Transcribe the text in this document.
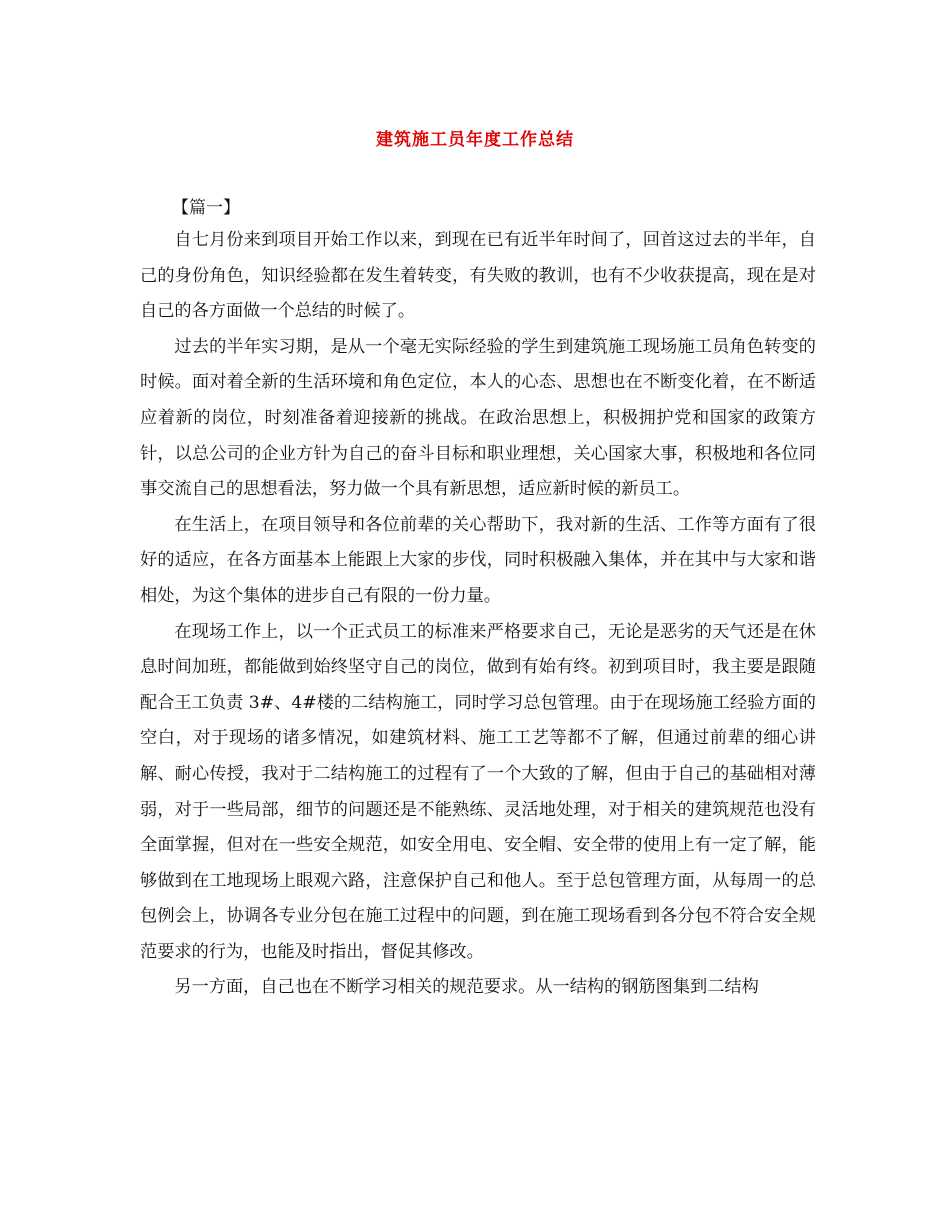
建筑施工员年度工作总结
【篇一】

自七月份来到项目开始工作以来，到现在已有近半年时间了，回首这过去的半年，自己的身份角色，知识经验都在发生着转变，有失败的教训，也有不少收获提高，现在是对自己的各方面做一个总结的时候了。

过去的半年实习期，是从一个毫无实际经验的学生到建筑施工现场施工员角色转变的时候。面对着全新的生活环境和角色定位，本人的心态、思想也在不断变化着，在不断适应着新的岗位，时刻准备着迎接新的挑战。在政治思想上，积极拥护党和国家的政策方针，以总公司的企业方针为自己的奋斗目标和职业理想，关心国家大事，积极地和各位同事交流自己的思想看法，努力做一个具有新思想，适应新时候的新员工。

在生活上，在项目领导和各位前辈的关心帮助下，我对新的生活、工作等方面有了很好的适应，在各方面基本上能跟上大家的步伐，同时积极融入集体，并在其中与大家和谐相处，为这个集体的进步自己有限的一份力量。

在现场工作上，以一个正式员工的标准来严格要求自己，无论是恶劣的天气还是在休息时间加班，都能做到始终坚守自己的岗位，做到有始有终。初到项目时，我主要是跟随配合王工负责 3#、4#楼的二结构施工，同时学习总包管理。由于在现场施工经验方面的空白，对于现场的诸多情况，如建筑材料、施工工艺等都不了解，但通过前辈的细心讲解、耐心传授，我对于二结构施工的过程有了一个大致的了解，但由于自己的基础相对薄弱，对于一些局部，细节的问题还是不能熟练、灵活地处理，对于相关的建筑规范也没有全面掌握，但对在一些安全规范，如安全用电、安全帽、安全带的使用上有一定了解，能够做到在工地现场上眼观六路，注意保护自己和他人。至于总包管理方面，从每周一的总包例会上，协调各专业分包在施工过程中的问题，到在施工现场看到各分包不符合安全规范要求的行为，也能及时指出，督促其修改。

另一方面，自己也在不断学习相关的规范要求。从一结构的钢筋图集到二结构
